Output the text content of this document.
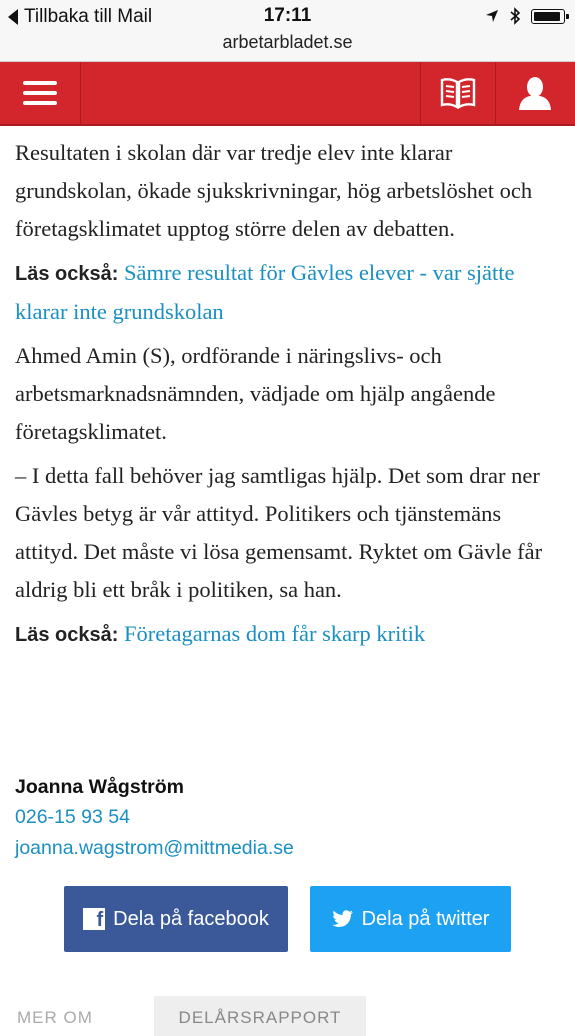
Tillbaka till Mail	17:11
arbetarbladet.se

Resultaten i skolan där var tredje elev inte klarar grundskolan, ökade sjukskrivningar, hög arbetslöshet och företagsklimatet upptog större delen av debatten.

Läs också: Sämre resultat för Gävles elever - var sjätte klarar inte grundskolan

Ahmed Amin (S), ordförande i näringslivs- och arbetsmarknadsnämnden, vädjade om hjälp angående företagsklimatet.

– I detta fall behöver jag samtligas hjälp. Det som drar ner Gävles betyg är vår attityd. Politikers och tjänstemäns attityd. Det måste vi lösa gemensamt. Ryktet om Gävle får aldrig bli ett bråk i politiken, sa han.

Läs också: Företagarnas dom får skarp kritik

Joanna Wågström
026-15 93 54
joanna.wagstrom@mittmedia.se
f Dela på facebook	Dela på twitter
MER OM	DELÅRSRAPPORT
